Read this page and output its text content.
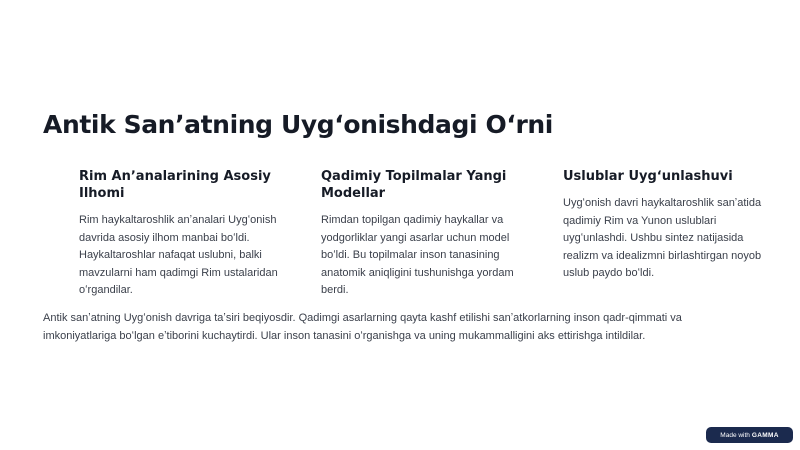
Antik Sanʼatning Uygʻonishdagi Oʻrni
Rim Anʼanalarining Asosiy Ilhomi

Rim haykaltaroshlik anʼanalari Uygʻonish davrida asosiy ilhom manbai boʻldi. Haykaltaroshlar nafaqat uslubni, balki mavzularni ham qadimgi Rim ustalaridan oʻrgandilar.

Qadimiy Topilmalar Yangi Modellar

Rimdan topilgan qadimiy haykallar va yodgorliklar yangi asarlar uchun model boʻldi. Bu topilmalar inson tanasining anatomik aniqligini tushunishga yordam berdi.

Uslublar Uygʻunlashuvi

Uygʻonish davri haykaltaroshlik sanʼatida qadimiy Rim va Yunon uslublari uygʻunlashdi. Ushbu sintez natijasida realizm va idealizmni birlashtirgan noyob uslub paydo boʻldi.

Antik sanʼatning Uygʻonish davriga taʼsiri beqiyosdir. Qadimgi asarlarning qayta kashf etilishi sanʼatkorlarning inson qadr-qimmati va imkoniyatlariga boʻlgan eʼtiborini kuchaytirdi. Ular inson tanasini oʻrganishga va uning mukammalligini aks ettirishga intildilar.

Made with GAMMA
